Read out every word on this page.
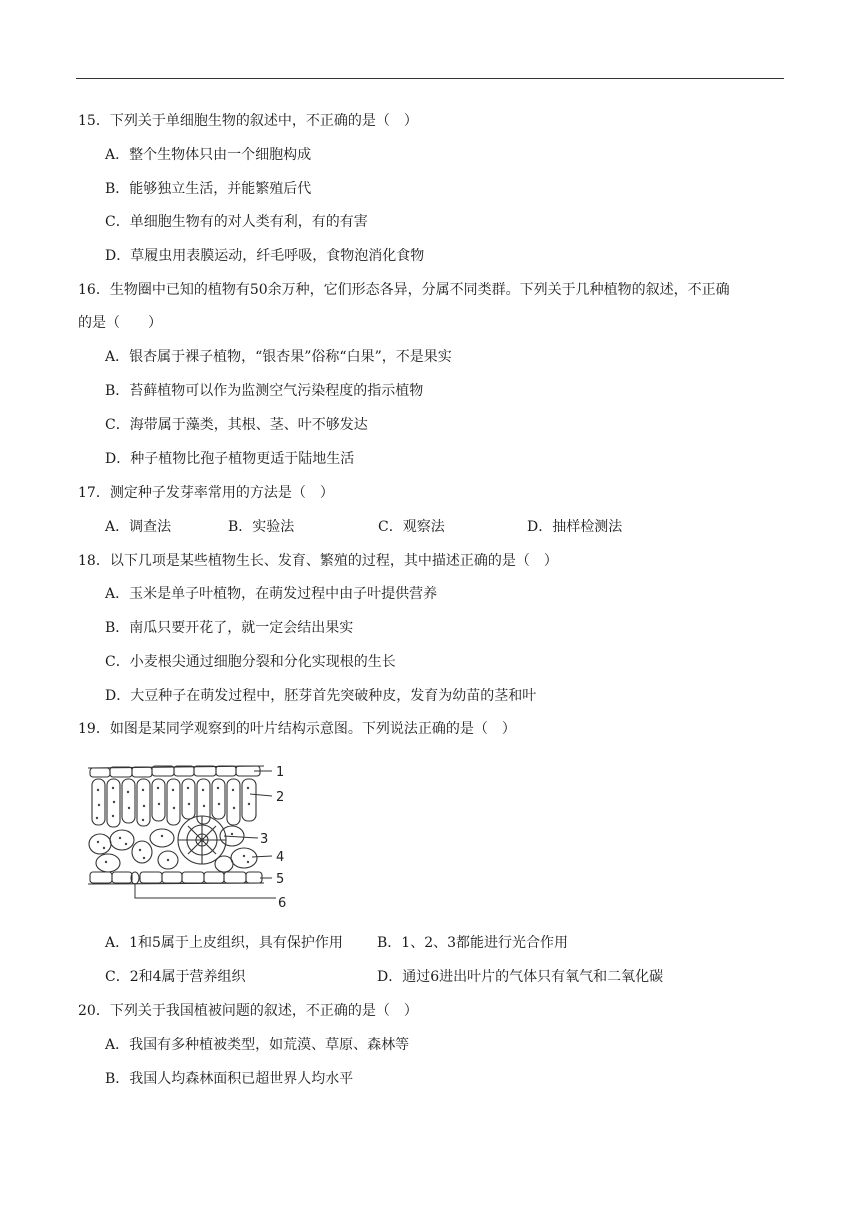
15．下列关于单细胞生物的叙述中，不正确的是（　）
A．整个生物体只由一个细胞构成
B．能够独立生活，并能繁殖后代
C．单细胞生物有的对人类有利，有的有害
D．草履虫用表膜运动，纤毛呼吸，食物泡消化食物
16．生物圈中已知的植物有50余万种，它们形态各异，分属不同类群。下列关于几种植物的叙述，不正确
的是（　　）
A．银杏属于裸子植物，“银杏果”俗称“白果”，不是果实
B．苔藓植物可以作为监测空气污染程度的指示植物
C．海带属于藻类，其根、茎、叶不够发达
D．种子植物比孢子植物更适于陆地生活
17．测定种子发芽率常用的方法是（　）
A．调查法	B．实验法	C．观察法	D．抽样检测法
18．以下几项是某些植物生长、发育、繁殖的过程，其中描述正确的是（　）
A．玉米是单子叶植物，在萌发过程中由子叶提供营养
B．南瓜只要开花了，就一定会结出果实
C．小麦根尖通过细胞分裂和分化实现根的生长
D．大豆种子在萌发过程中，胚芽首先突破种皮，发育为幼苗的茎和叶
19．如图是某同学观察到的叶片结构示意图。下列说法正确的是（　）
1
2
3
4
5
6
A．1和5属于上皮组织，具有保护作用 B．1、2、3都能进行光合作用
C．2和4属于营养组织	D．通过6进出叶片的气体只有氧气和二氧化碳
20．下列关于我国植被问题的叙述，不正确的是（　）
A．我国有多种植被类型，如荒漠、草原、森林等
B．我国人均森林面积已超世界人均水平
